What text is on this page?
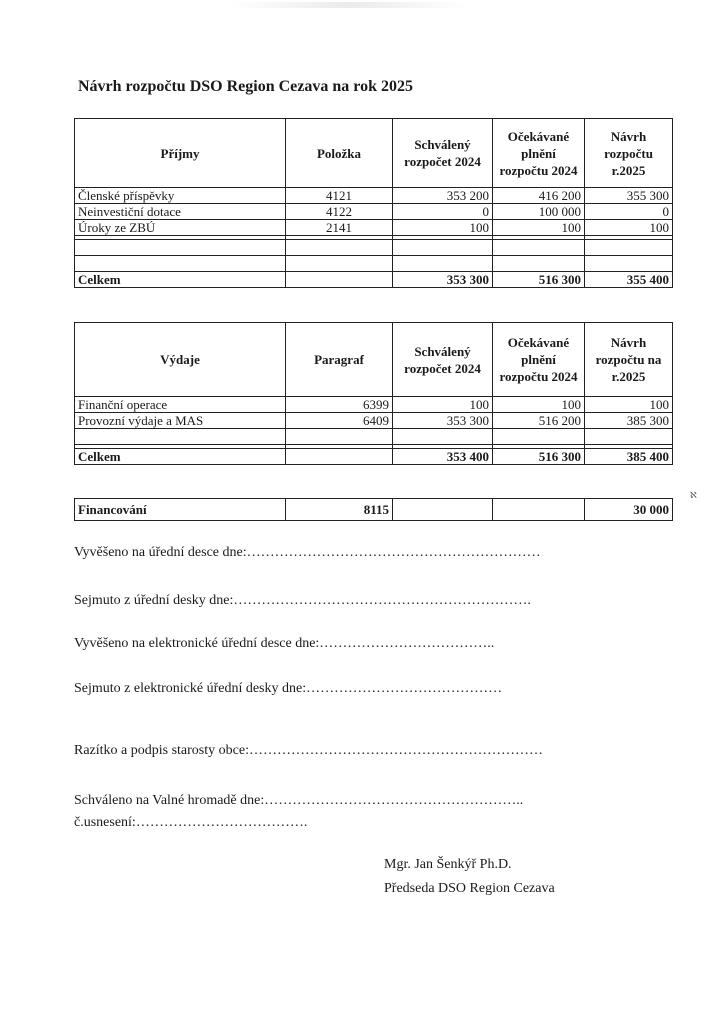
Návrh rozpočtu DSO Region Cezava na rok 2025
Příjmy	Položka	Schválený rozpočet 2024	Očekávané plnění rozpočtu 2024	Návrh rozpočtu r.2025
Členské příspěvky	4121	353 200	416 200	355 300
Neinvestiční dotace	4122	0	100 000	0
Úroky ze ZBÚ	2141	100	100	100

Celkem		353 300	516 300	355 400
Výdaje	Paragraf	Schválený rozpočet 2024	Očekávané plnění rozpočtu 2024	Návrh rozpočtu na r.2025
Finanční operace	6399	100	100	100
Provozní výdaje a MAS	6409	353 300	516 200	385 300

Celkem		353 400	516 300	385 400
Financování	8115			30 000
ℵ

Vyvěšeno na úřední desce dne:………………………………………………………

Sejmuto z úřední desky dne:……………………………………………………….

Vyvěšeno na elektronické úřední desce dne:………………………………..

Sejmuto z elektronické úřední desky dne:……………………………………

Razítko a podpis starosty obce:………………………………………………………

Schváleno na Valné hromadě dne:………………………………………………..

č.usnesení:……………………………….

Mgr. Jan Šenkýř Ph.D.
Předseda DSO Region Cezava
